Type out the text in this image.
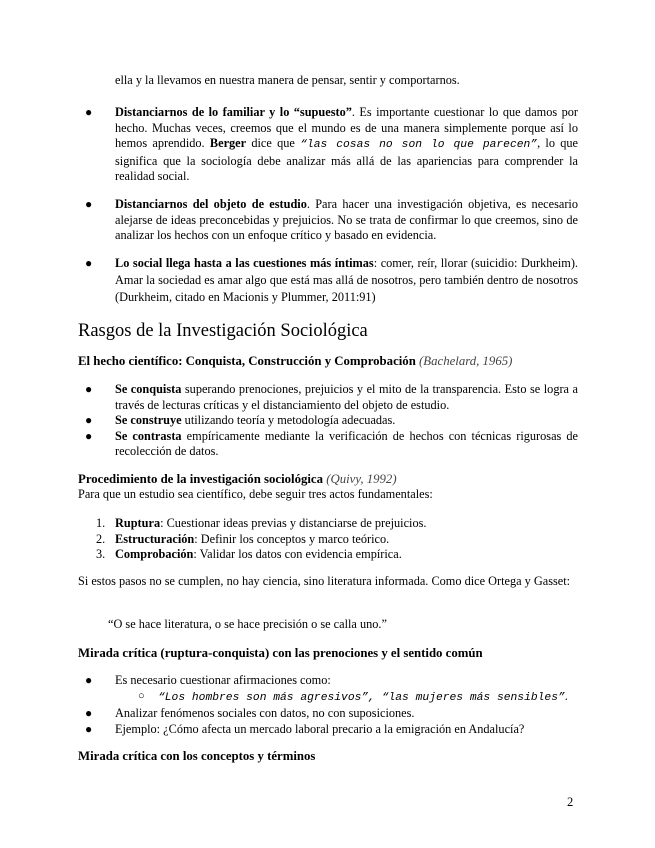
ella y la llevamos en nuestra manera de pensar, sentir y comportarnos.

● Distanciarnos de lo familiar y lo “supuesto”. Es importante cuestionar lo que damos por hecho. Muchas veces, creemos que el mundo es de una manera simplemente porque así lo hemos aprendido. Berger dice que “las cosas no son lo que parecen”, lo que significa que la sociología debe analizar más allá de las apariencias para comprender la realidad social.
● Distanciarnos del objeto de estudio. Para hacer una investigación objetiva, es necesario alejarse de ideas preconcebidas y prejuicios. No se trata de confirmar lo que creemos, sino de analizar los hechos con un enfoque crítico y basado en evidencia.
● Lo social llega hasta a las cuestiones más íntimas: comer, reír, llorar (suicidio: Durkheim). Amar la sociedad es amar algo que está mas allá de nosotros, pero también dentro de nosotros (Durkheim, citado en Macionis y Plummer, 2011:91)
Rasgos de la Investigación Sociológica
El hecho científico: Conquista, Construcción y Comprobación (Bachelard, 1965)
● Se conquista superando prenociones, prejuicios y el mito de la transparencia. Esto se logra a través de lecturas críticas y el distanciamiento del objeto de estudio.
● Se construye utilizando teoría y metodología adecuadas.
● Se contrasta empíricamente mediante la verificación de hechos con técnicas rigurosas de recolección de datos.
Procedimiento de la investigación sociológica (Quivy, 1992)

Para que un estudio sea científico, debe seguir tres actos fundamentales:

1. Ruptura: Cuestionar ideas previas y distanciarse de prejuicios.
2. Estructuración: Definir los conceptos y marco teórico.
3. Comprobación: Validar los datos con evidencia empírica.

Si estos pasos no se cumplen, no hay ciencia, sino literatura informada. Como dice Ortega y Gasset:

“O se hace literatura, o se hace precisión o se calla uno.”

Mirada crítica (ruptura-conquista) con las prenociones y el sentido común
● Es necesario cuestionar afirmaciones como:
○ “Los hombres son más agresivos”, “las mujeres más sensibles”.
● Analizar fenómenos sociales con datos, no con suposiciones.
● Ejemplo: ¿Cómo afecta un mercado laboral precario a la emigración en Andalucía?
Mirada crítica con los conceptos y términos
2
